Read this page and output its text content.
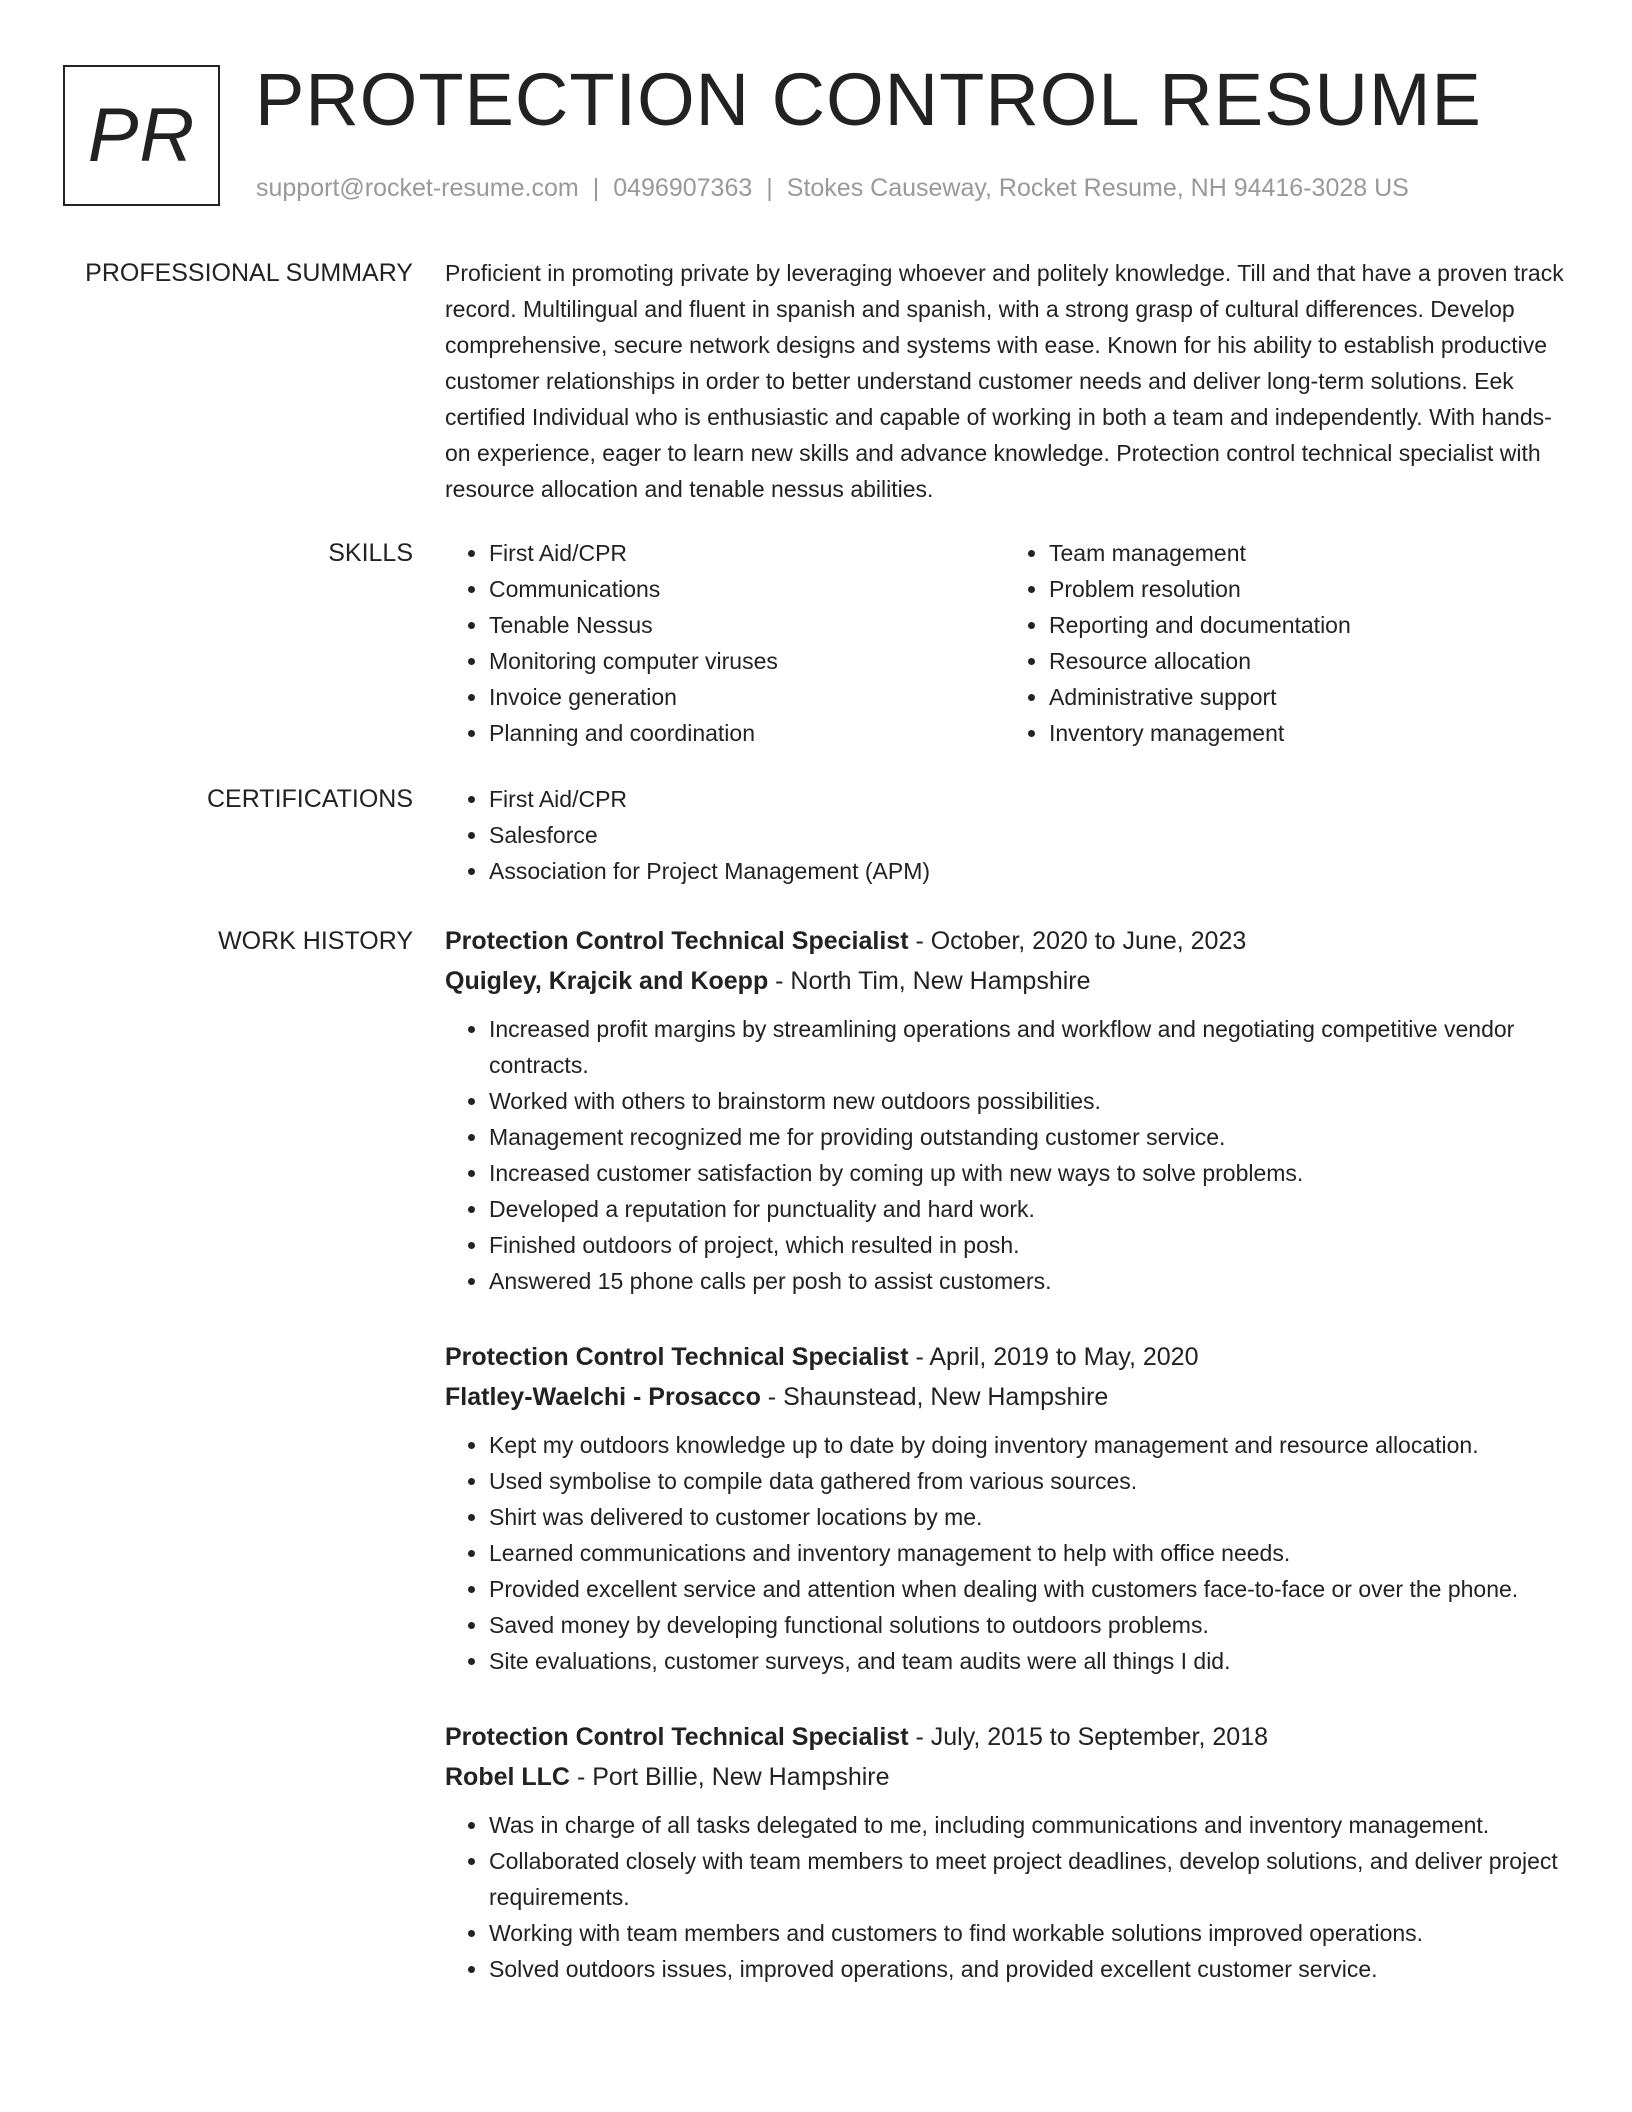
PR PROTECTION CONTROL RESUME
support@rocket-resume.com | 0496907363 | Stokes Causeway, Rocket Resume, NH 94416-3028 US
PROFESSIONAL SUMMARY Proficient in promoting private by leveraging whoever and politely knowledge. Till and that have a proven track record. Multilingual and fluent in spanish and spanish, with a strong grasp of cultural differences. Develop comprehensive, secure network designs and systems with ease. Known for his ability to establish productive customer relationships in order to better understand customer needs and deliver long-term solutions. Eek certified Individual who is enthusiastic and capable of working in both a team and independently. With hands-on experience, eager to learn new skills and advance knowledge. Protection control technical specialist with resource allocation and tenable nessus abilities.

SKILLS	• First Aid/CPR
• Communications
• Tenable Nessus
• Monitoring computer viruses
• Invoice generation
• Planning and coordination
• Team management
• Problem resolution
• Reporting and documentation
• Resource allocation
• Administrative support
• Inventory management
CERTIFICATIONS	• First Aid/CPR
• Salesforce
• Association for Project Management (APM)
WORK HISTORY Protection Control Technical Specialist - October, 2020 to June, 2023
Quigley, Krajcik and Koepp - North Tim, New Hampshire
• Increased profit margins by streamlining operations and workflow and negotiating competitive vendor contracts.
• Worked with others to brainstorm new outdoors possibilities.
• Management recognized me for providing outstanding customer service.
• Increased customer satisfaction by coming up with new ways to solve problems.
• Developed a reputation for punctuality and hard work.
• Finished outdoors of project, which resulted in posh.
• Answered 15 phone calls per posh to assist customers.
Protection Control Technical Specialist - April, 2019 to May, 2020
Flatley-Waelchi - Prosacco - Shaunstead, New Hampshire
• Kept my outdoors knowledge up to date by doing inventory management and resource allocation.
• Used symbolise to compile data gathered from various sources.
• Shirt was delivered to customer locations by me.
• Learned communications and inventory management to help with office needs.
• Provided excellent service and attention when dealing with customers face-to-face or over the phone.
• Saved money by developing functional solutions to outdoors problems.
• Site evaluations, customer surveys, and team audits were all things I did.
Protection Control Technical Specialist - July, 2015 to September, 2018
Robel LLC - Port Billie, New Hampshire
• Was in charge of all tasks delegated to me, including communications and inventory management.
• Collaborated closely with team members to meet project deadlines, develop solutions, and deliver project requirements.
• Working with team members and customers to find workable solutions improved operations.
• Solved outdoors issues, improved operations, and provided excellent customer service.
